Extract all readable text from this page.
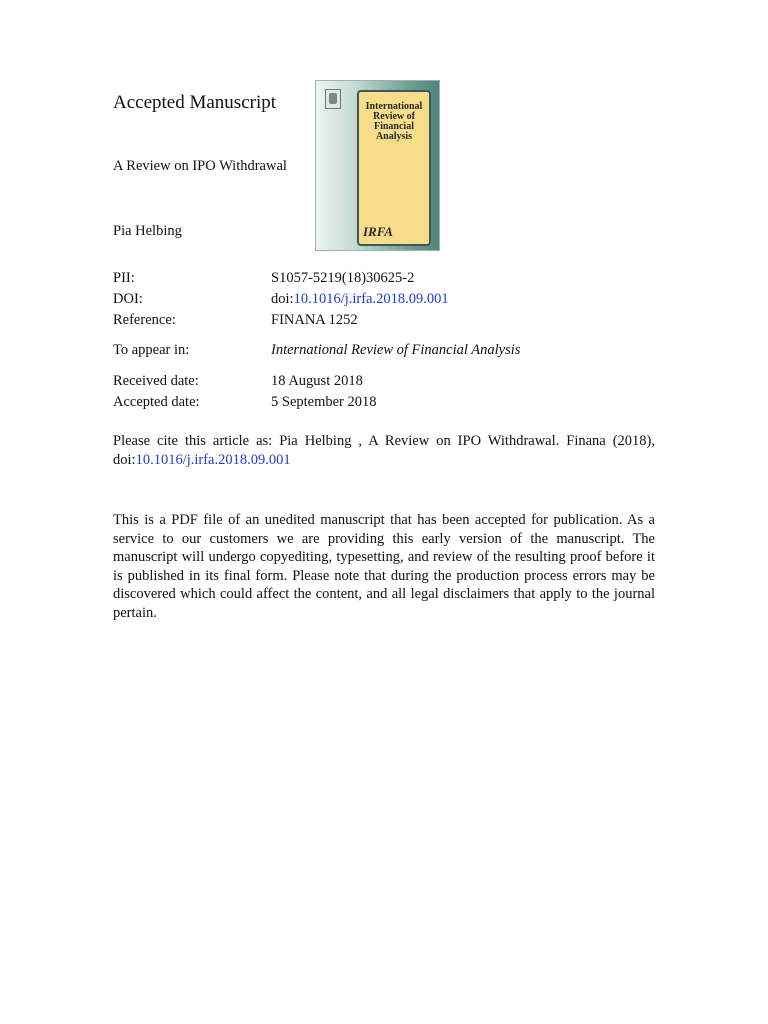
Accepted Manuscript
A Review on IPO Withdrawal
Pia Helbing
International Review of Financial Analysis
IRFA
PII:	S1057-5219(18)30625-2
DOI:	doi:10.1016/j.irfa.2018.09.001
Reference:	FINANA 1252
To appear in:	International Review of Financial Analysis
Received date:	18 August 2018
Accepted date:	5 September 2018
Please cite this article as: Pia Helbing , A Review on IPO Withdrawal. Finana (2018), doi:10.1016/j.irfa.2018.09.001
This is a PDF file of an unedited manuscript that has been accepted for publication. As a service to our customers we are providing this early version of the manuscript. The manuscript will undergo copyediting, typesetting, and review of the resulting proof before it is published in its final form. Please note that during the production process errors may be discovered which could affect the content, and all legal disclaimers that apply to the journal pertain.
